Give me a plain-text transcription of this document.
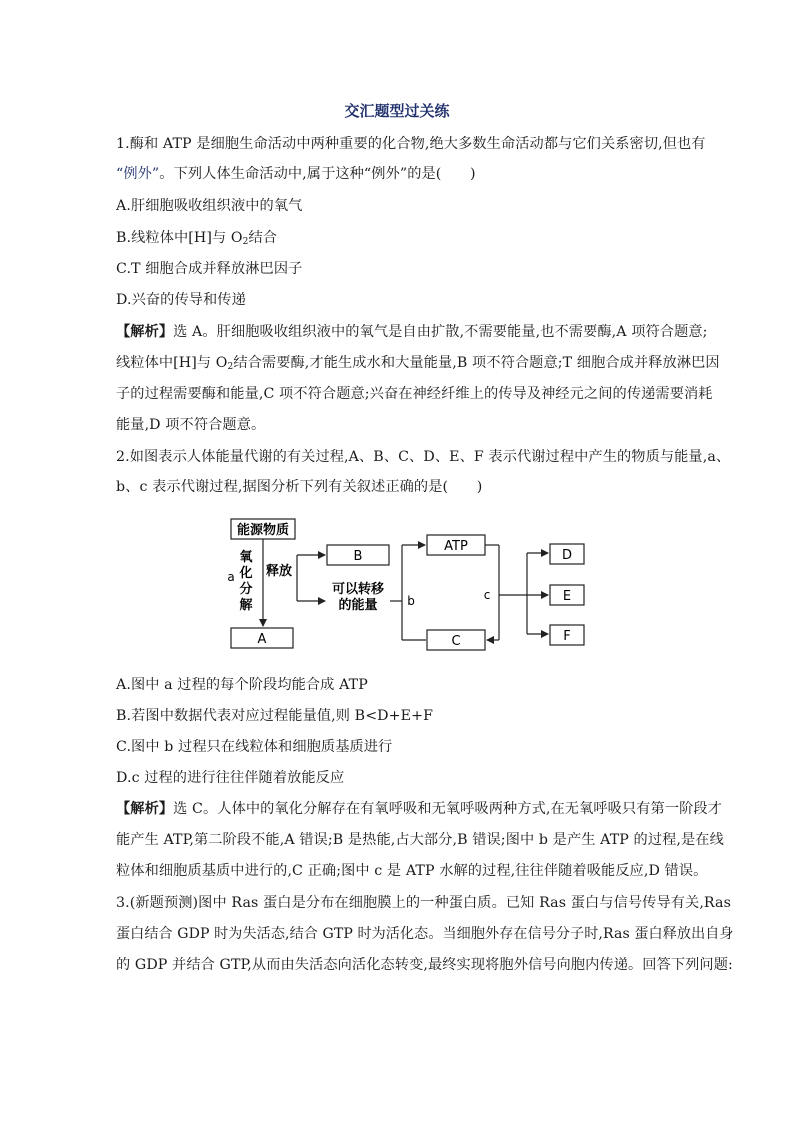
交汇题型过关练
1.酶和 ATP 是细胞生命活动中两种重要的化合物,绝大多数生命活动都与它们关系密切,但也有
“例外”。下列人体生命活动中,属于这种“例外”的是(　　)
A.肝细胞吸收组织液中的氧气
B.线粒体中[H]与 $O_2$结合
C.T 细胞合成并释放淋巴因子
D.兴奋的传导和传递
【解析】选 A。肝细胞吸收组织液中的氧气是自由扩散,不需要能量,也不需要酶,A 项符合题意;
线粒体中[H]与 $O_2$结合需要酶,才能生成水和大量能量,B 项不符合题意;T 细胞合成并释放淋巴因
子的过程需要酶和能量,C 项不符合题意;兴奋在神经纤维上的传导及神经元之间的传递需要消耗
能量,D 项不符合题意。
2.如图表示人体能量代谢的有关过程,A、B、C、D、E、F 表示代谢过程中产生的物质与能量,a、
b、c 表示代谢过程,据图分析下列有关叙述正确的是(　　)
能源物质
氧
化
分
解
a 释放
B
可以转移
的能量 b
ATP
C
c
D
E
F
A
A.图中 a 过程的每个阶段均能合成 ATP
B.若图中数据代表对应过程能量值,则 B<D+E+F
C.图中 b 过程只在线粒体和细胞质基质进行
D.c 过程的进行往往伴随着放能反应
【解析】选 C。人体中的氧化分解存在有氧呼吸和无氧呼吸两种方式,在无氧呼吸只有第一阶段才
能产生 ATP,第二阶段不能,A 错误;B 是热能,占大部分,B 错误;图中 b 是产生 ATP 的过程,是在线
粒体和细胞质基质中进行的,C 正确;图中 c 是 ATP 水解的过程,往往伴随着吸能反应,D 错误。
3.(新题预测)图中 Ras 蛋白是分布在细胞膜上的一种蛋白质。已知 Ras 蛋白与信号传导有关,Ras
蛋白结合 GDP 时为失活态,结合 GTP 时为活化态。当细胞外存在信号分子时,Ras 蛋白释放出自身
的 GDP 并结合 GTP,从而由失活态向活化态转变,最终实现将胞外信号向胞内传递。回答下列问题:
